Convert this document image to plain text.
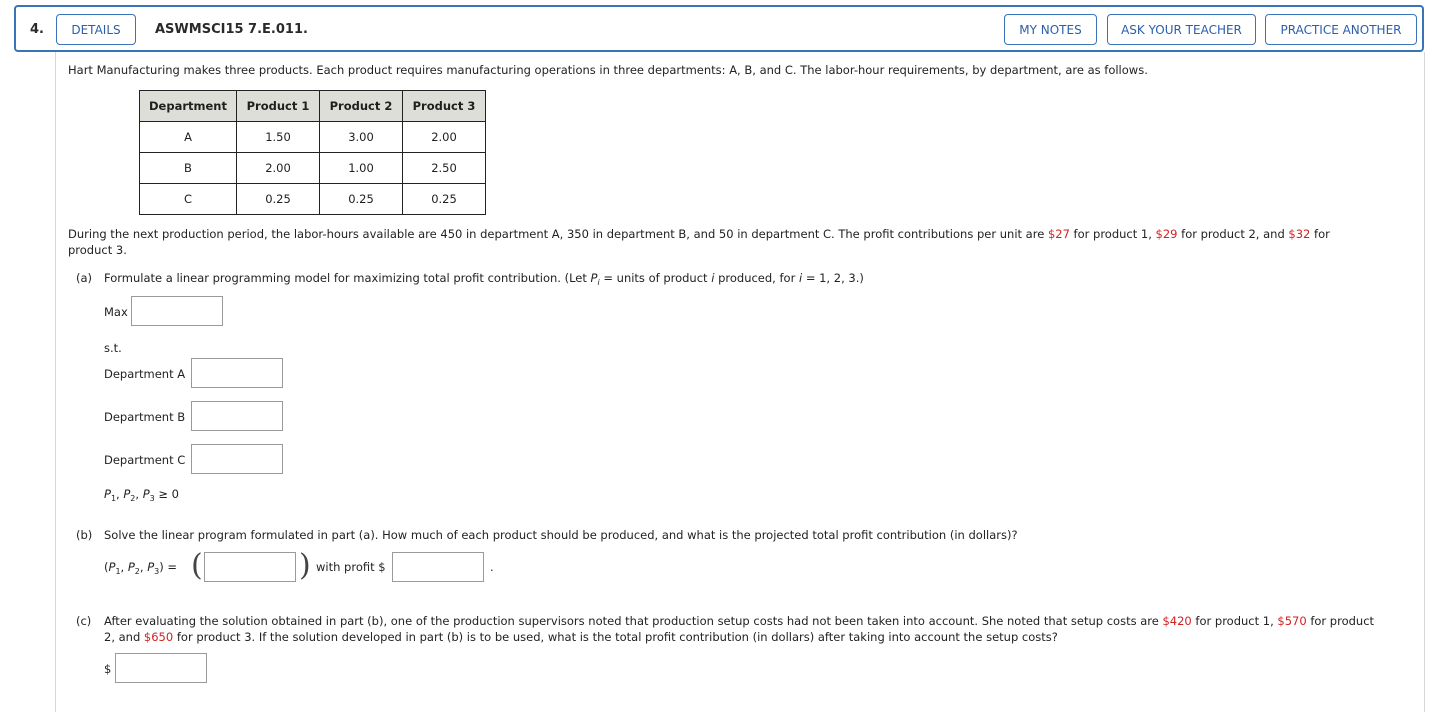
4.	DETAILS	ASWMSCI15 7.E.011.	MY NOTES	ASK YOUR TEACHER	PRACTICE ANOTHER
Hart Manufacturing makes three products. Each product requires manufacturing operations in three departments: A, B, and C. The labor-hour requirements, by department, are as follows.
Department	Product 1	Product 2	Product 3
A	1.50	3.00	2.00
B	2.00	1.00	2.50
C	0.25	0.25	0.25
During the next production period, the labor-hours available are 450 in department A, 350 in department B, and 50 in department C. The profit contributions per unit are $27 for product 1, $29 for product 2, and $32 for
product 3.
(a) Formulate a linear programming model for maximizing total profit contribution. (Let $P_i$ = units of product i produced, for i = 1, 2, 3.)
Max
s.t.
Department A
Department B
Department C
$P_1$, $P_2$, $P_3 \ge 0$
(b) Solve the linear program formulated in part (a). How much of each product should be produced, and what is the projected total profit contribution (in dollars)?
($P_1$, $P_2$, $P_3$) = (	) with profit $	.
(c) After evaluating the solution obtained in part (b), one of the production supervisors noted that production setup costs had not been taken into account. She noted that setup costs are $420 for product 1, $570 for product
2, and $650 for product 3. If the solution developed in part (b) is to be used, what is the total profit contribution (in dollars) after taking into account the setup costs?
$
